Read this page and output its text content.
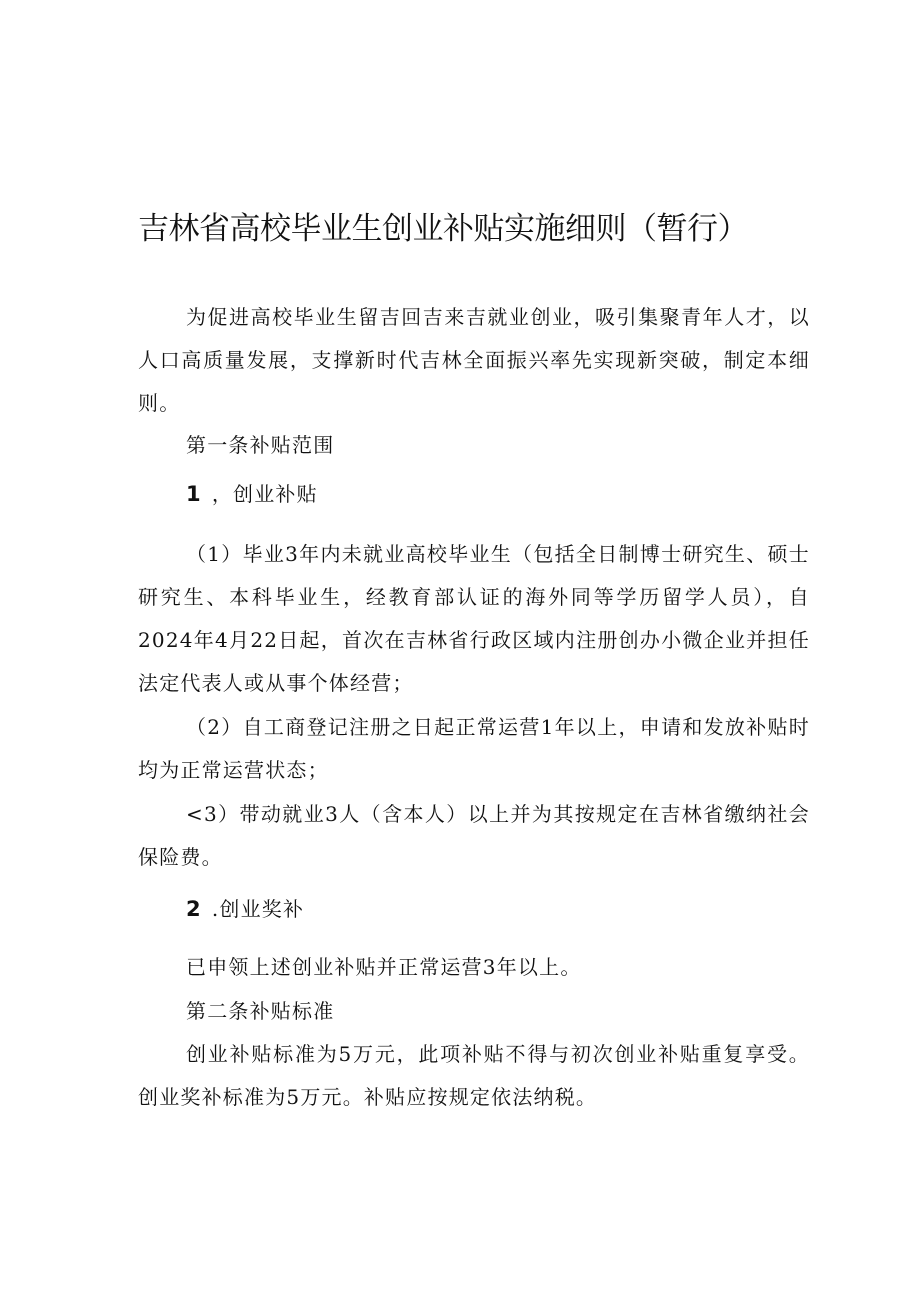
吉林省高校毕业生创业补贴实施细则（暂行）

为促进高校毕业生留吉回吉来吉就业创业，吸引集聚青年人才，以人口高质量发展，支撑新时代吉林全面振兴率先实现新突破，制定本细则。

第一条补贴范围

1 ，创业补贴

（1）毕业3年内未就业高校毕业生（包括全日制博士研究生、硕士研究生、本科毕业生，经教育部认证的海外同等学历留学人员），自2024年4月22日起，首次在吉林省行政区域内注册创办小微企业并担任法定代表人或从事个体经营；

（2）自工商登记注册之日起正常运营1年以上，申请和发放补贴时均为正常运营状态；

<3）带动就业3人（含本人）以上并为其按规定在吉林省缴纳社会保险费。

2 .创业奖补

已申领上述创业补贴并正常运营3年以上。

第二条补贴标准

创业补贴标准为5万元，此项补贴不得与初次创业补贴重复享受。创业奖补标准为5万元。补贴应按规定依法纳税。
